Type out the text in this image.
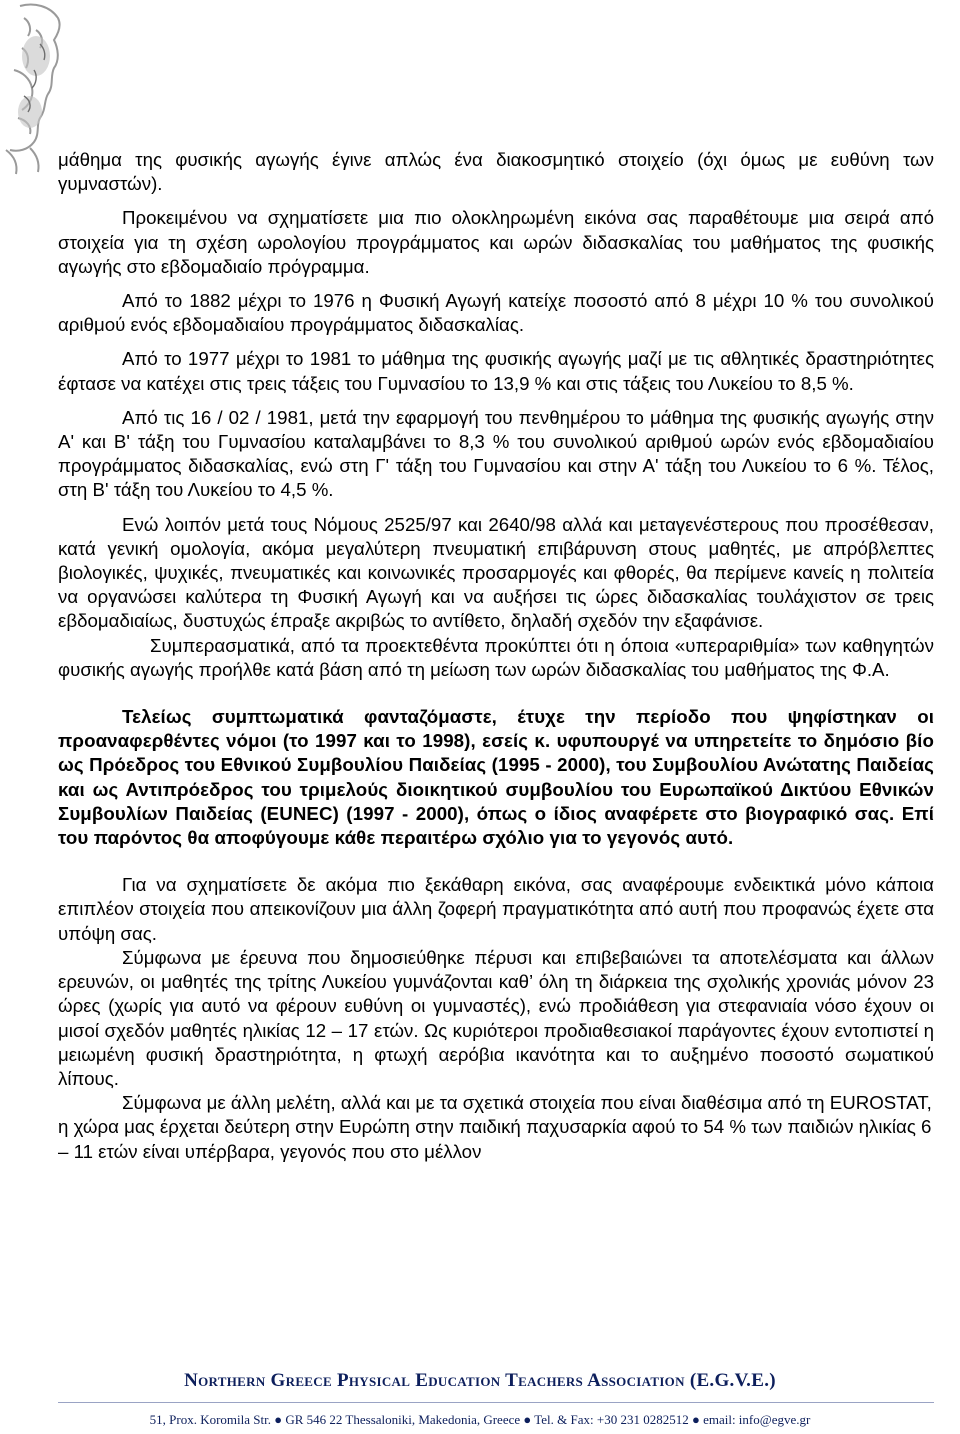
μάθημα της φυσικής αγωγής έγινε απλώς ένα διακοσμητικό στοιχείο (όχι όμως με ευθύνη των γυμναστών).

Προκειμένου να σχηματίσετε μια πιο ολοκληρωμένη εικόνα σας παραθέτουμε μια σειρά από στοιχεία για τη σχέση ωρολογίου προγράμματος και ωρών διδασκαλίας του μαθήματος της φυσικής αγωγής στο εβδομαδιαίο πρόγραμμα.

Από το 1882 μέχρι το 1976 η Φυσική Αγωγή κατείχε ποσοστό από 8 μέχρι 10 % του συνολικού αριθμού ενός εβδομαδιαίου προγράμματος διδασκαλίας.

Από το 1977 μέχρι το 1981 το μάθημα της φυσικής αγωγής μαζί με τις αθλητικές δραστηριότητες έφτασε να κατέχει στις τρεις τάξεις του Γυμνασίου το 13,9 % και στις τάξεις του Λυκείου το 8,5 %.

Από τις 16 / 02 / 1981, μετά την εφαρμογή του πενθημέρου το μάθημα της φυσικής αγωγής στην Α' και Β' τάξη του Γυμνασίου καταλαμβάνει το 8,3 % του συνολικού αριθμού ωρών ενός εβδομαδιαίου προγράμματος διδασκαλίας, ενώ στη Γ' τάξη του Γυμνασίου και στην Α' τάξη του Λυκείου το 6 %. Τέλος, στη Β' τάξη του Λυκείου το 4,5 %.

Ενώ λοιπόν μετά τους Νόμους 2525/97 και 2640/98 αλλά και μεταγενέστερους που προσέθεσαν, κατά γενική ομολογία, ακόμα μεγαλύτερη πνευματική επιβάρυνση στους μαθητές, με απρόβλεπτες βιολογικές, ψυχικές, πνευματικές και κοινωνικές προσαρμογές και φθορές, θα περίμενε κανείς η πολιτεία να οργανώσει καλύτερα τη Φυσική Αγωγή και να αυξήσει τις ώρες διδασκαλίας τουλάχιστον σε τρεις εβδομαδιαίως, δυστυχώς έπραξε ακριβώς το αντίθετο, δηλαδή σχεδόν την εξαφάνισε.

Συμπερασματικά, από τα προεκτεθέντα προκύπτει ότι η όποια «υπεραριθμία» των καθηγητών φυσικής αγωγής προήλθε κατά βάση από τη μείωση των ωρών διδασκαλίας του μαθήματος της Φ.Α.

Τελείως συμπτωματικά φανταζόμαστε, έτυχε την περίοδο που ψηφίστηκαν οι προαναφερθέντες νόμοι (το 1997 και το 1998), εσείς κ. υφυπουργέ να υπηρετείτε το δημόσιο βίο ως Πρόεδρος του Εθνικού Συμβουλίου Παιδείας (1995 - 2000), του Συμβουλίου Ανώτατης Παιδείας και ως Αντιπρόεδρος του τριμελούς διοικητικού συμβουλίου του Ευρωπαϊκού Δικτύου Εθνικών Συμβουλίων Παιδείας (EUNEC) (1997 - 2000), όπως ο ίδιος αναφέρετε στο βιογραφικό σας. Επί του παρόντος θα αποφύγουμε κάθε περαιτέρω σχόλιο για το γεγονός αυτό.

Για να σχηματίσετε δε ακόμα πιο ξεκάθαρη εικόνα, σας αναφέρουμε ενδεικτικά μόνο κάποια επιπλέον στοιχεία που απεικονίζουν μια άλλη ζοφερή πραγματικότητα από αυτή που προφανώς έχετε στα υπόψη σας.

Σύμφωνα με έρευνα που δημοσιεύθηκε πέρυσι και επιβεβαιώνει τα αποτελέσματα και άλλων ερευνών, οι μαθητές της τρίτης Λυκείου γυμνάζονται καθ’ όλη τη διάρκεια της σχολικής χρονιάς μόνον 23 ώρες (χωρίς για αυτό να φέρουν ευθύνη οι γυμναστές), ενώ προδιάθεση για στεφανιαία νόσο έχουν οι μισοί σχεδόν μαθητές ηλικίας 12 – 17 ετών. Ως κυριότεροι προδιαθεσιακοί παράγοντες έχουν εντοπιστεί η μειωμένη φυσική δραστηριότητα, η φτωχή αερόβια ικανότητα και το αυξημένο ποσοστό σωματικού λίπους.

Σύμφωνα με άλλη μελέτη, αλλά και με τα σχετικά στοιχεία που είναι διαθέσιμα από τη EUROSTAT, η χώρα μας έρχεται δεύτερη στην Ευρώπη στην παιδική παχυσαρκία αφού το 54 % των παιδιών ηλικίας 6 – 11 ετών είναι υπέρβαρα, γεγονός που στο μέλλον

Northern Greece Physical Education Teachers Association (E.G.V.E.)
51, Prox. Koromila Str. ● GR 546 22 Thessaloniki, Makedonia, Greece ● Tel. & Fax: +30 231 0282512 ● email: info@egve.gr
